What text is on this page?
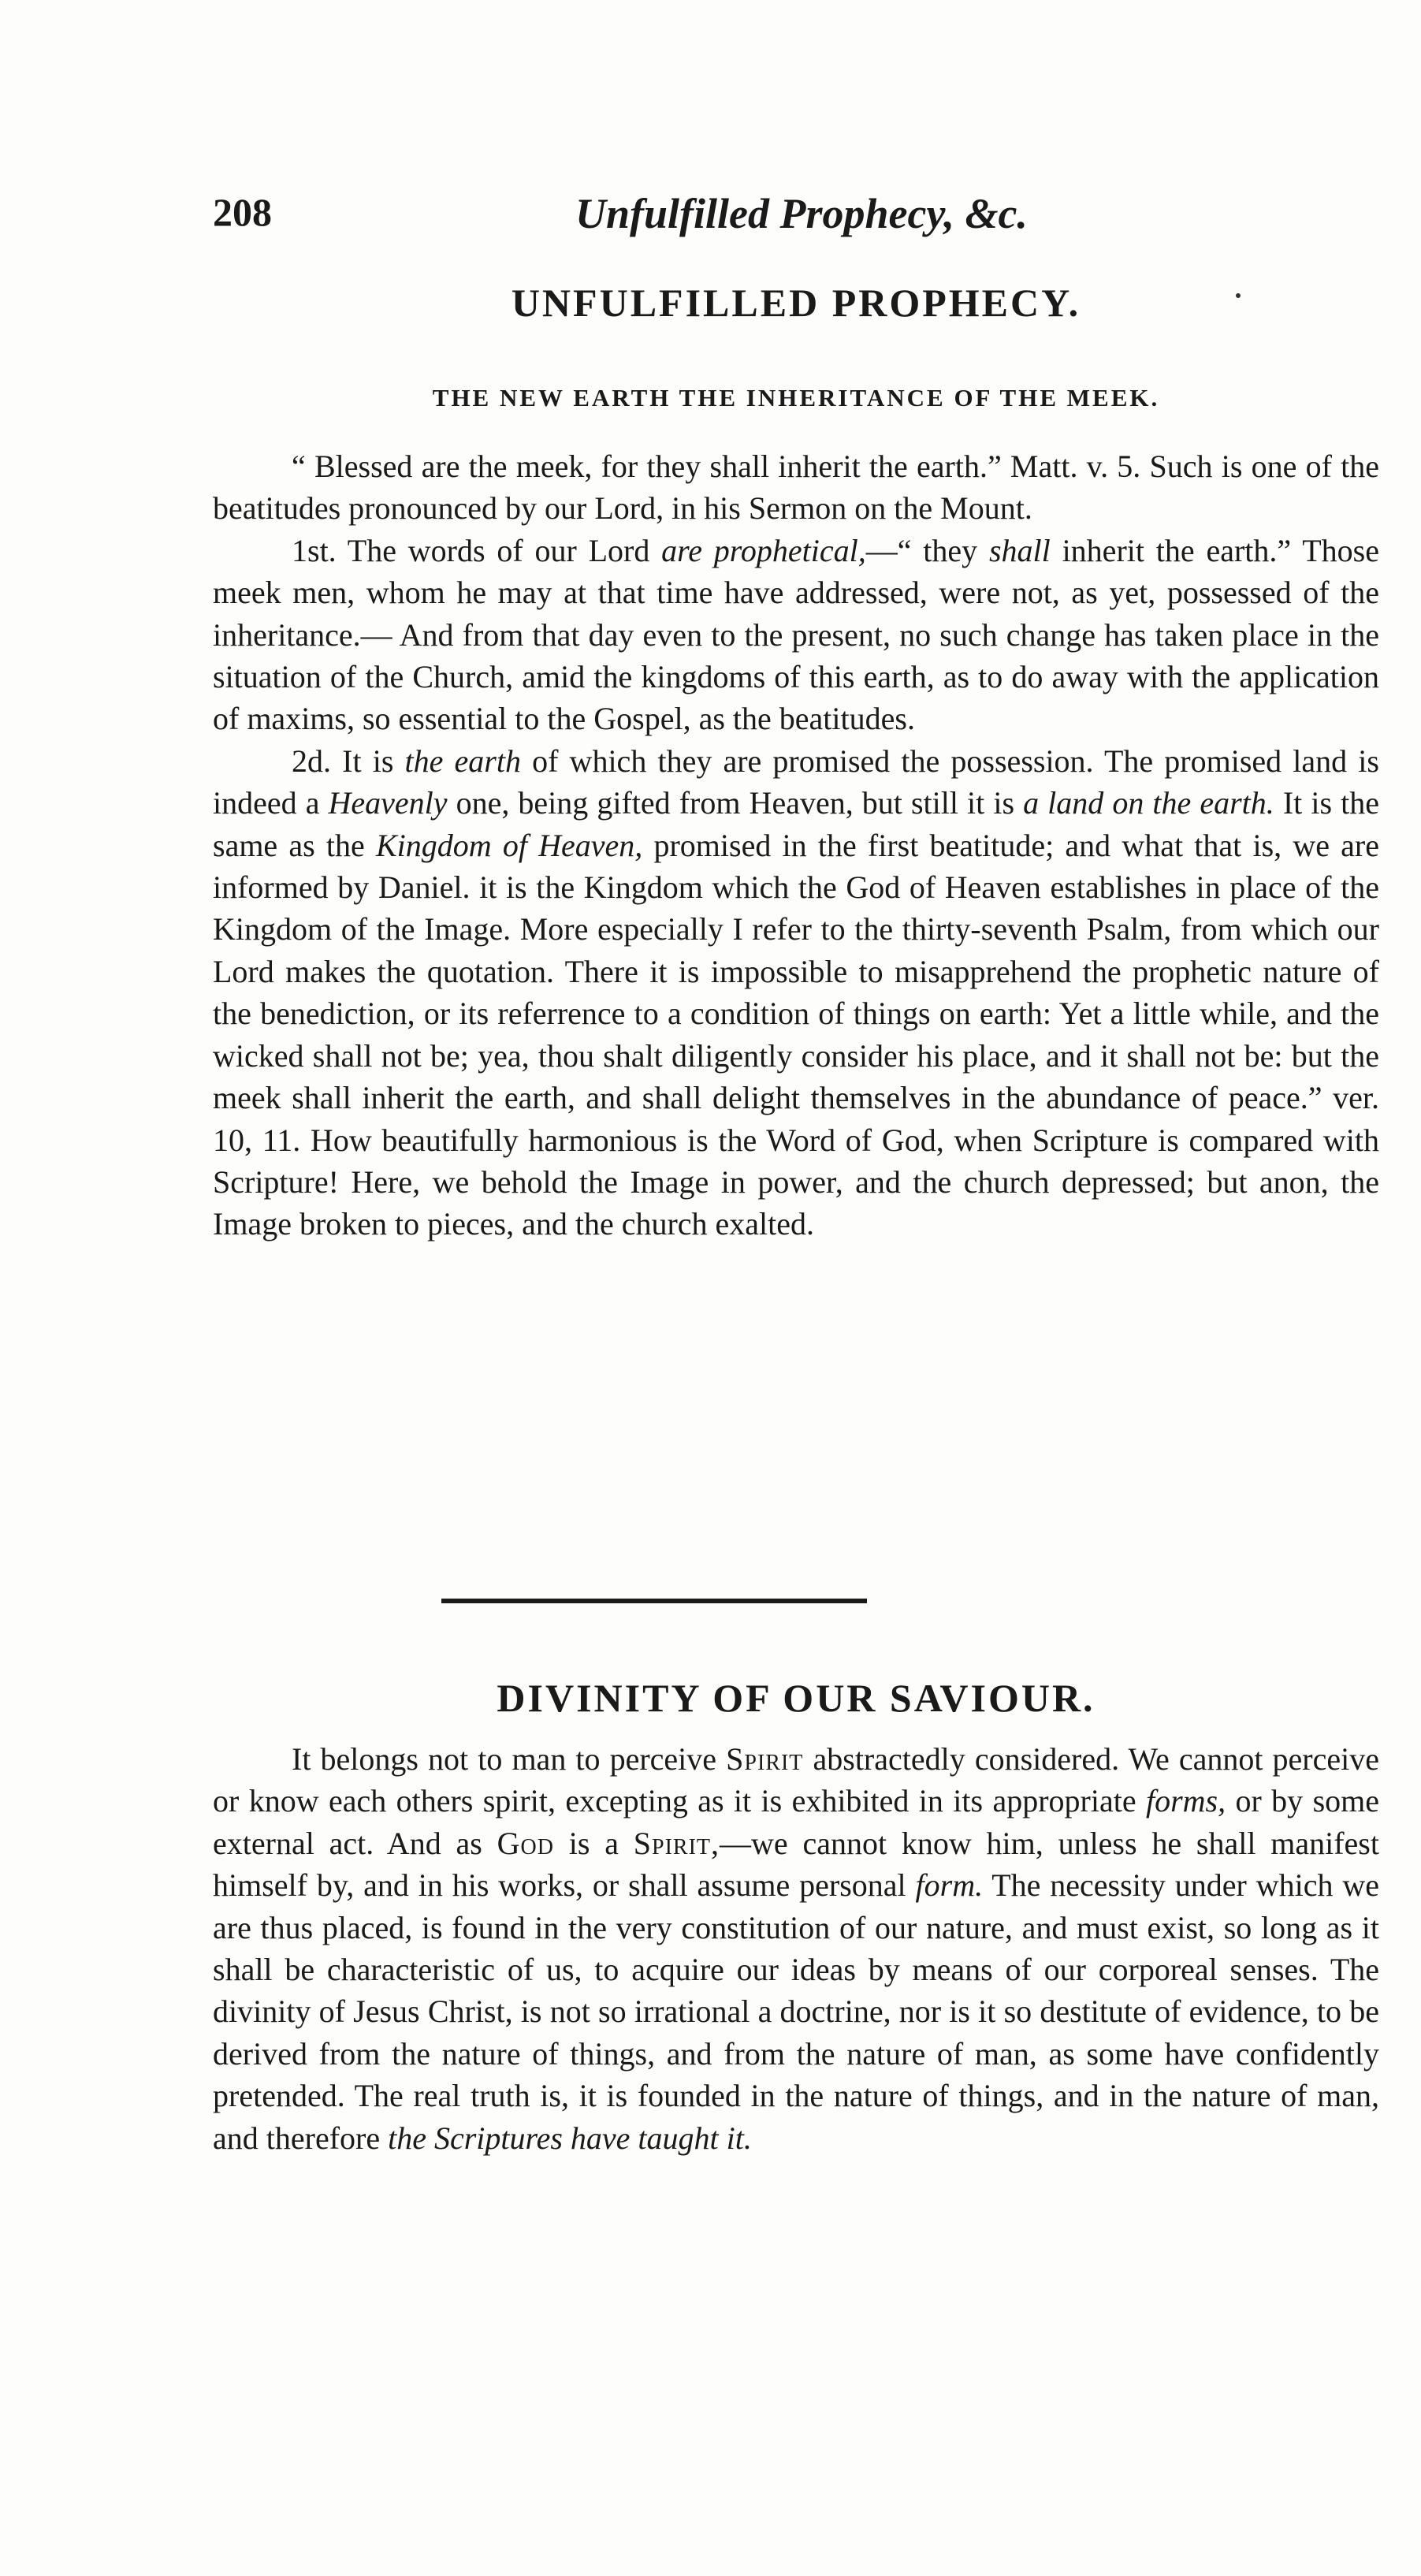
208	Unfulfilled Prophecy, &c.
UNFULFILLED PROPHECY.
THE NEW EARTH THE INHERITANCE OF THE MEEK.

“ Blessed are the meek, for they shall inherit the earth.” Matt. v. 5. Such is one of the beatitudes pronounced by our Lord, in his Sermon on the Mount.

1st. The words of our Lord are prophetical,—“ they shall inherit the earth.” Those meek men, whom he may at that time have addressed, were not, as yet, possessed of the inheritance.— And from that day even to the present, no such change has taken place in the situation of the Church, amid the kingdoms of this earth, as to do away with the application of maxims, so essential to the Gospel, as the beatitudes.

2d. It is the earth of which they are promised the possession. The promised land is indeed a Heavenly one, being gifted from Heaven, but still it is a land on the earth. It is the same as the Kingdom of Heaven, promised in the first beatitude; and what that is, we are informed by Daniel. it is the Kingdom which the God of Heaven establishes in place of the Kingdom of the Image. More especially I refer to the thirty-seventh Psalm, from which our Lord makes the quotation. There it is impossible to misapprehend the prophetic nature of the benediction, or its referrence to a condition of things on earth: Yet a little while, and the wicked shall not be; yea, thou shalt diligently consider his place, and it shall not be: but the meek shall inherit the earth, and shall delight themselves in the abundance of peace.” ver. 10, 11. How beautifully harmonious is the Word of God, when Scripture is compared with Scripture! Here, we behold the Image in power, and the church depressed; but anon, the Image broken to pieces, and the church exalted.

DIVINITY OF OUR SAVIOUR.

It belongs not to man to perceive Spirit abstractedly considered. We cannot perceive or know each others spirit, excepting as it is exhibited in its appropriate forms, or by some external act. And as God is a Spirit,—we cannot know him, unless he shall manifest himself by, and in his works, or shall assume personal form. The necessity under which we are thus placed, is found in the very constitution of our nature, and must exist, so long as it shall be characteristic of us, to acquire our ideas by means of our corporeal senses. The divinity of Jesus Christ, is not so irrational a doctrine, nor is it so destitute of evidence, to be derived from the nature of things, and from the nature of man, as some have confidently pretended. The real truth is, it is founded in the nature of things, and in the nature of man, and therefore the Scriptures have taught it.
